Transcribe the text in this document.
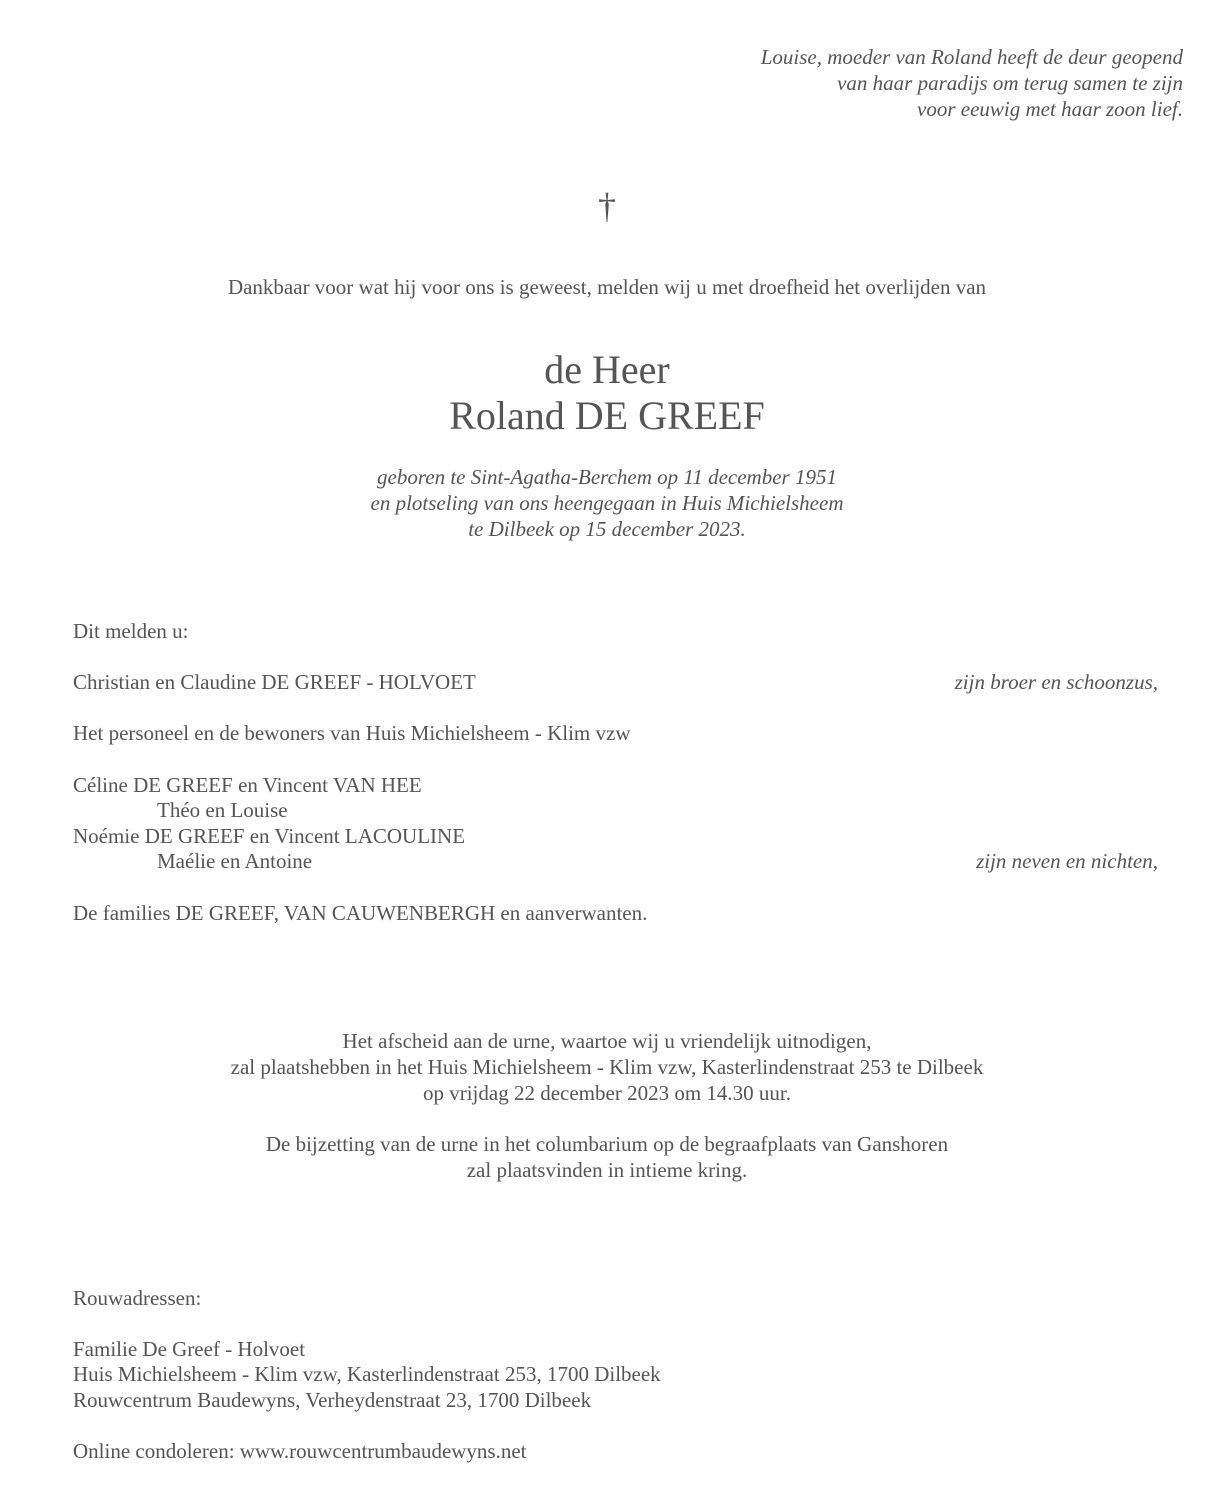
Louise, moeder van Roland heeft de deur geopend
van haar paradijs om terug samen te zijn
voor eeuwig met haar zoon lief.
†
Dankbaar voor wat hij voor ons is geweest, melden wij u met droefheid het overlijden van
de Heer
Roland DE GREEF
geboren te Sint-Agatha-Berchem op 11 december 1951
en plotseling van ons heengegaan in Huis Michielsheem
te Dilbeek op 15 december 2023.
Dit melden u:
Christian en Claudine DE GREEF - HOLVOET	zijn broer en schoonzus,
Het personeel en de bewoners van Huis Michielsheem - Klim vzw
Céline DE GREEF en Vincent VAN HEE
Théo en Louise
Noémie DE GREEF en Vincent LACOULINE
Maélie en Antoine	zijn neven en nichten,
De families DE GREEF, VAN CAUWENBERGH en aanverwanten.
Het afscheid aan de urne, waartoe wij u vriendelijk uitnodigen,
zal plaatshebben in het Huis Michielsheem - Klim vzw, Kasterlindenstraat 253 te Dilbeek
op vrijdag 22 december 2023 om 14.30 uur.
De bijzetting van de urne in het columbarium op de begraafplaats van Ganshoren
zal plaatsvinden in intieme kring.
Rouwadressen:
Familie De Greef - Holvoet
Huis Michielsheem - Klim vzw, Kasterlindenstraat 253, 1700 Dilbeek
Rouwcentrum Baudewyns, Verheydenstraat 23, 1700 Dilbeek
Online condoleren: www.rouwcentrumbaudewyns.net
